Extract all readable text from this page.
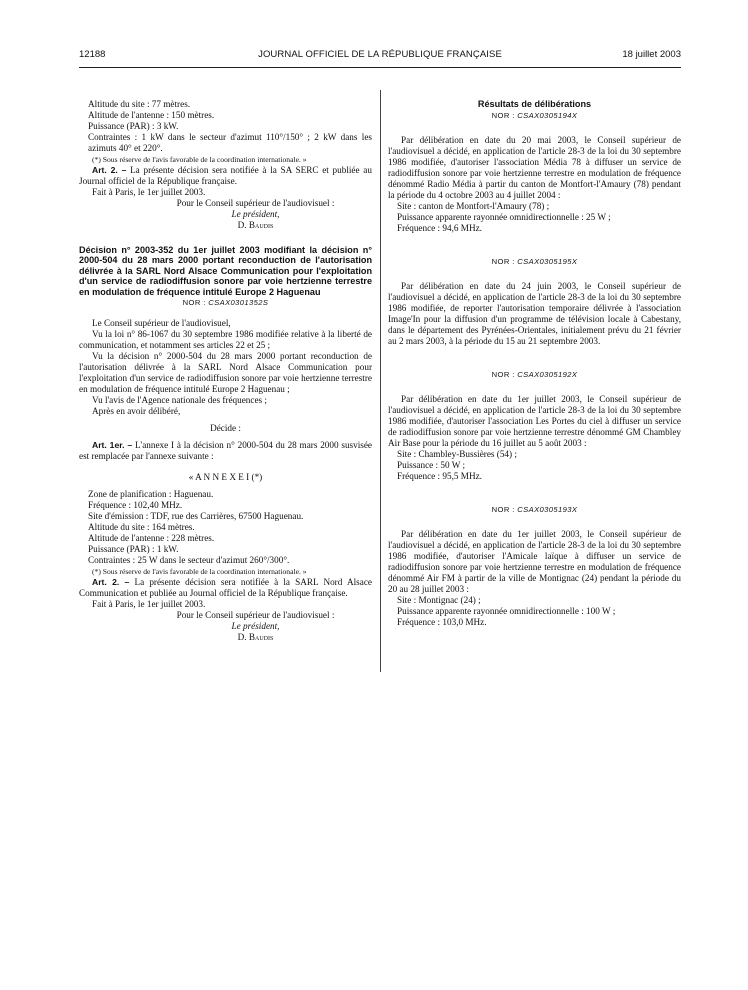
12188	JOURNAL OFFICIEL DE LA RÉPUBLIQUE FRANÇAISE	18 juillet 2003

Altitude du site : 77 mètres.

Altitude de l'antenne : 150 mètres.

Puissance (PAR) : 3 kW.

Contraintes : 1 kW dans le secteur d'azimut 110°/150° ; 2 kW dans les azimuts 40° et 220°.

(*) Sous réserve de l'avis favorable de la coordination internationale. »

Art. 2. – La présente décision sera notifiée à la SA SERC et publiée au Journal officiel de la République française.

Fait à Paris, le 1er juillet 2003.

Pour le Conseil supérieur de l'audiovisuel :

Le président,

D. Baudis

Décision n° 2003-352 du 1er juillet 2003 modifiant la décision n° 2000-504 du 28 mars 2000 portant reconduction de l'autorisation délivrée à la SARL Nord Alsace Communication pour l'exploitation d'un service de radiodiffusion sonore par voie hertzienne terrestre en modulation de fréquence intitulé Europe 2 Haguenau

NOR : CSAX0301352S

Le Conseil supérieur de l'audiovisuel,

Vu la loi n° 86-1067 du 30 septembre 1986 modifiée relative à la liberté de communication, et notamment ses articles 22 et 25 ;

Vu la décision n° 2000-504 du 28 mars 2000 portant reconduction de l'autorisation délivrée à la SARL Nord Alsace Communication pour l'exploitation d'un service de radiodiffusion sonore par voie hertzienne terrestre en modulation de fréquence intitulé Europe 2 Haguenau ;

Vu l'avis de l'Agence nationale des fréquences ;

Après en avoir délibéré,

Décide :

Art. 1er. – L'annexe I à la décision n° 2000-504 du 28 mars 2000 susvisée est remplacée par l'annexe suivante :

« A N N E X E I (*)

Zone de planification : Haguenau.

Fréquence : 102,40 MHz.

Site d'émission : TDF, rue des Carrières, 67500 Haguenau.

Altitude du site : 164 mètres.

Altitude de l'antenne : 228 mètres.

Puissance (PAR) : 1 kW.

Contraintes : 25 W dans le secteur d'azimut 260°/300°.

(*) Sous réserve de l'avis favorable de la coordination internationale. »

Art. 2. – La présente décision sera notifiée à la SARL Nord Alsace Communication et publiée au Journal officiel de la République française.

Fait à Paris, le 1er juillet 2003.

Pour le Conseil supérieur de l'audiovisuel :

Le président,

D. Baudis

Résultats de délibérations

NOR : CSAX0305194X

Par délibération en date du 20 mai 2003, le Conseil supérieur de l'audiovisuel a décidé, en application de l'article 28-3 de la loi du 30 septembre 1986 modifiée, d'autoriser l'association Média 78 à diffuser un service de radiodiffusion sonore par voie hertzienne terrestre en modulation de fréquence dénommé Radio Média à partir du canton de Montfort-l'Amaury (78) pendant la période du 4 octobre 2003 au 4 juillet 2004 :

Site : canton de Montfort-l'Amaury (78) ;

Puissance apparente rayonnée omnidirectionnelle : 25 W ;

Fréquence : 94,6 MHz.

NOR : CSAX0305195X

Par délibération en date du 24 juin 2003, le Conseil supérieur de l'audiovisuel a décidé, en application de l'article 28-3 de la loi du 30 septembre 1986 modifiée, de reporter l'autorisation temporaire délivrée à l'association Image'In pour la diffusion d'un programme de télévision locale à Cabestany, dans le département des Pyrénées-Orientales, initialement prévu du 21 février au 2 mars 2003, à la période du 15 au 21 septembre 2003.

NOR : CSAX0305192X

Par délibération en date du 1er juillet 2003, le Conseil supérieur de l'audiovisuel a décidé, en application de l'article 28-3 de la loi du 30 septembre 1986 modifiée, d'autoriser l'association Les Portes du ciel à diffuser un service de radiodiffusion sonore par voie hertzienne terrestre dénommé GM Chambley Air Base pour la période du 16 juillet au 5 août 2003 :

Site : Chambley-Bussières (54) ;

Puissance : 50 W ;

Fréquence : 95,5 MHz.

NOR : CSAX0305193X

Par délibération en date du 1er juillet 2003, le Conseil supérieur de l'audiovisuel a décidé, en application de l'article 28-3 de la loi du 30 septembre 1986 modifiée, d'autoriser l'Amicale laïque à diffuser un service de radiodiffusion sonore par voie hertzienne terrestre en modulation de fréquence dénommé Air FM à partir de la ville de Montignac (24) pendant la période du 20 au 28 juillet 2003 :

Site : Montignac (24) ;

Puissance apparente rayonnée omnidirectionnelle : 100 W ;

Fréquence : 103,0 MHz.
